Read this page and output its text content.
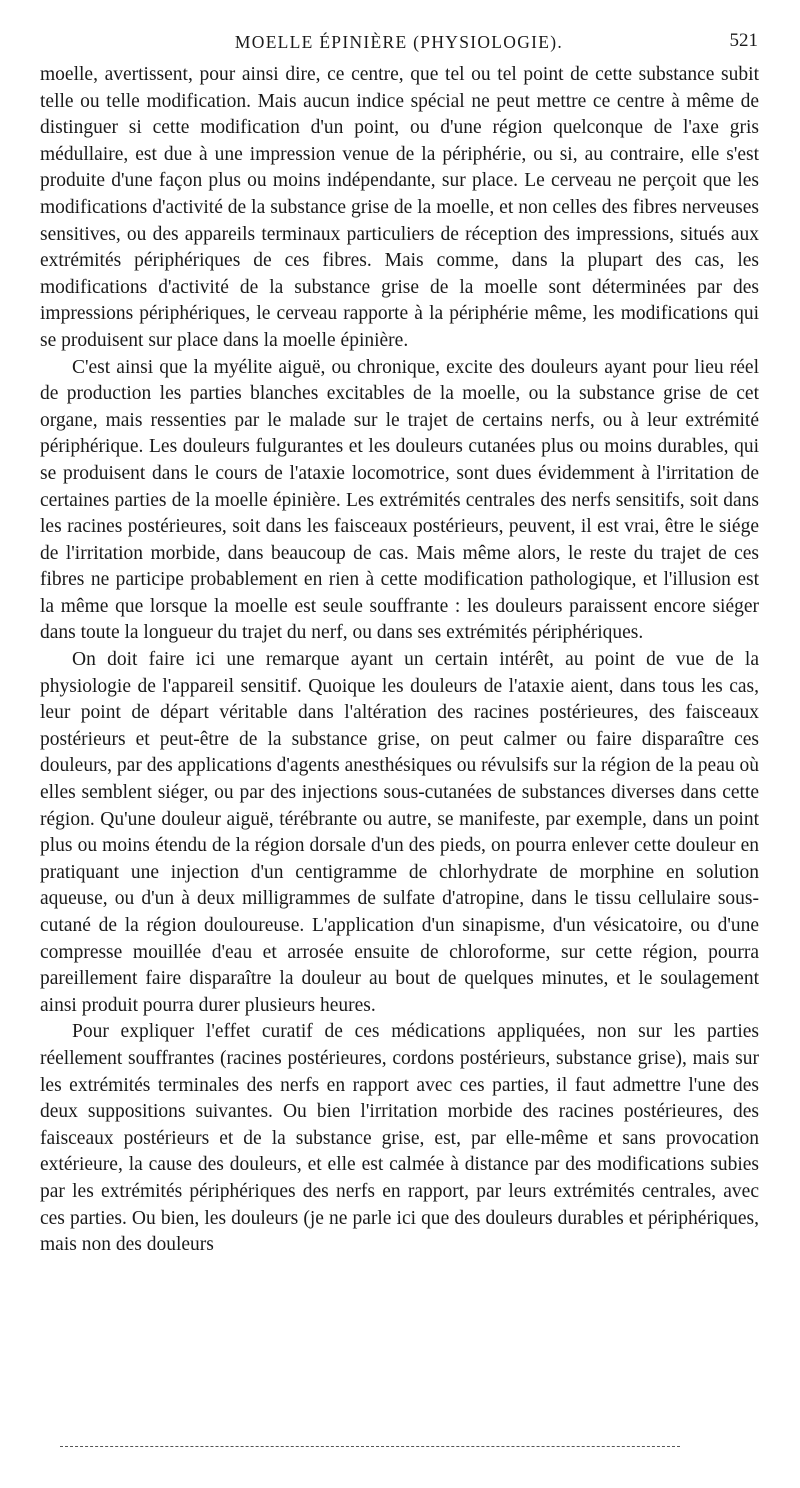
MOELLE ÉPINIÈRE (PHYSIOLOGIE).	521

moelle, avertissent, pour ainsi dire, ce centre, que tel ou tel point de cette substance subit telle ou telle modification. Mais aucun indice spécial ne peut mettre ce centre à même de distinguer si cette modification d'un point, ou d'une région quelconque de l'axe gris médullaire, est due à une impression venue de la périphérie, ou si, au contraire, elle s'est produite d'une façon plus ou moins indépendante, sur place. Le cerveau ne perçoit que les modifications d'activité de la substance grise de la moelle, et non celles des fibres nerveuses sensitives, ou des appareils terminaux particuliers de réception des impressions, situés aux extrémités périphériques de ces fibres. Mais comme, dans la plupart des cas, les modifications d'activité de la substance grise de la moelle sont déterminées par des impressions périphériques, le cerveau rapporte à la périphérie même, les modifications qui se produisent sur place dans la moelle épinière.

C'est ainsi que la myélite aiguë, ou chronique, excite des douleurs ayant pour lieu réel de production les parties blanches excitables de la moelle, ou la substance grise de cet organe, mais ressenties par le malade sur le trajet de certains nerfs, ou à leur extrémité périphérique. Les douleurs fulgurantes et les douleurs cutanées plus ou moins durables, qui se produisent dans le cours de l'ataxie locomotrice, sont dues évidemment à l'irritation de certaines parties de la moelle épinière. Les extrémités centrales des nerfs sensitifs, soit dans les racines postérieures, soit dans les faisceaux postérieurs, peuvent, il est vrai, être le siége de l'irritation morbide, dans beaucoup de cas. Mais même alors, le reste du trajet de ces fibres ne participe probablement en rien à cette modification pathologique, et l'illusion est la même que lorsque la moelle est seule souffrante : les douleurs paraissent encore siéger dans toute la longueur du trajet du nerf, ou dans ses extrémités périphériques.

On doit faire ici une remarque ayant un certain intérêt, au point de vue de la physiologie de l'appareil sensitif. Quoique les douleurs de l'ataxie aient, dans tous les cas, leur point de départ véritable dans l'altération des racines postérieures, des faisceaux postérieurs et peut-être de la substance grise, on peut calmer ou faire disparaître ces douleurs, par des applications d'agents anesthésiques ou révulsifs sur la région de la peau où elles semblent siéger, ou par des injections sous-cutanées de substances diverses dans cette région. Qu'une douleur aiguë, térébrante ou autre, se manifeste, par exemple, dans un point plus ou moins étendu de la région dorsale d'un des pieds, on pourra enlever cette douleur en pratiquant une injection d'un centigramme de chlorhydrate de morphine en solution aqueuse, ou d'un à deux milligrammes de sulfate d'atropine, dans le tissu cellulaire sous-cutané de la région douloureuse. L'application d'un sinapisme, d'un vésicatoire, ou d'une compresse mouillée d'eau et arrosée ensuite de chloroforme, sur cette région, pourra pareillement faire disparaître la douleur au bout de quelques minutes, et le soulagement ainsi produit pourra durer plusieurs heures.

Pour expliquer l'effet curatif de ces médications appliquées, non sur les parties réellement souffrantes (racines postérieures, cordons postérieurs, substance grise), mais sur les extrémités terminales des nerfs en rapport avec ces parties, il faut admettre l'une des deux suppositions suivantes. Ou bien l'irritation morbide des racines postérieures, des faisceaux postérieurs et de la substance grise, est, par elle-même et sans provocation extérieure, la cause des douleurs, et elle est calmée à distance par des modifications subies par les extrémités périphériques des nerfs en rapport, par leurs extrémités centrales, avec ces parties. Ou bien, les douleurs (je ne parle ici que des douleurs durables et périphériques, mais non des douleurs
